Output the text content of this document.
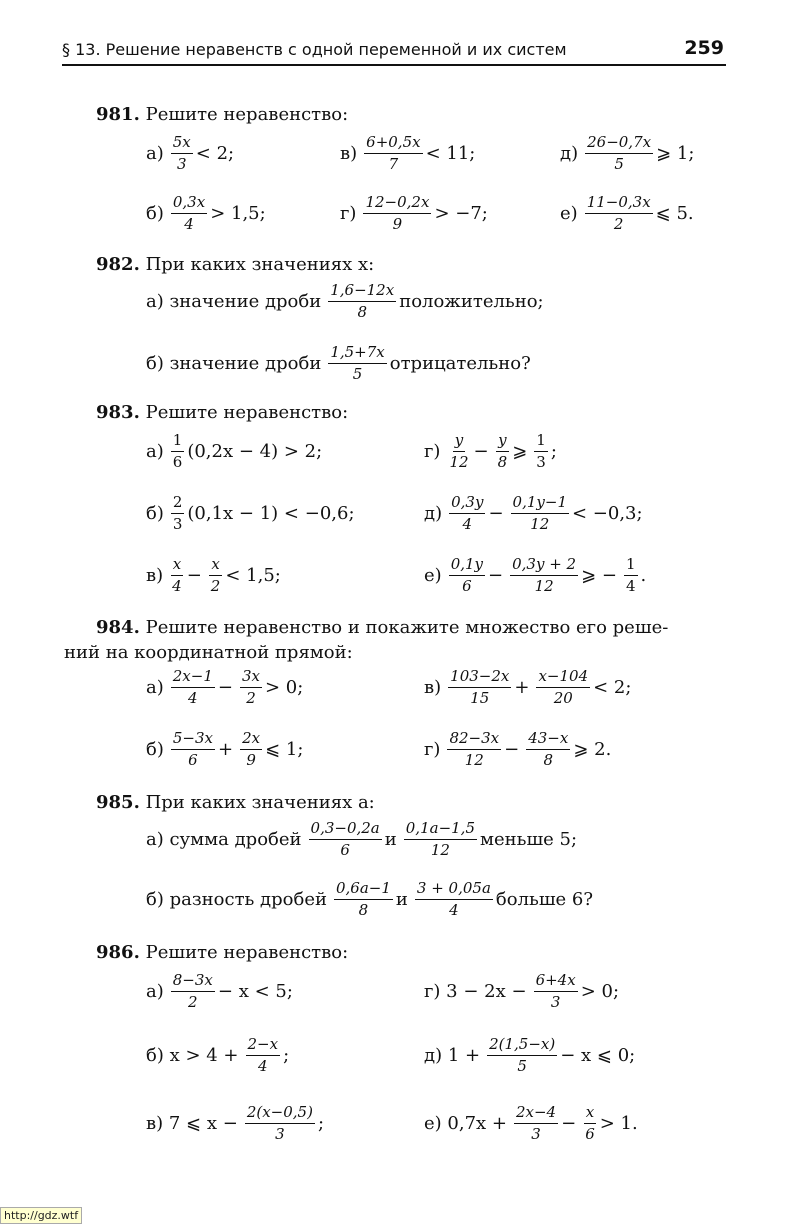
§ 13. Решение неравенств с одной переменной и их систем	259
981. Решите неравенство:
$а) \frac{5x}{3} < 2$;	$в) \frac{6+0,5x}{7} < 11$;	$д) \frac{26-0,7x}{5}$ ⩾ 1;
$б) \frac{0,3x}{4} > 1,5$;	$г) \frac{12-0,2x}{9} > -7$;	$е) \frac{11-0,3x}{2}$ ⩽ 5.
982. При каких значениях x:
а) значение дроби $\frac{1,6-12x}{8}$ положительно;
б) значение дроби $\frac{1,5+7x}{5}$ отрицательно?
983. Решите неравенство:
$а) \frac{1}{6} (0,2x - 4) > 2$;
$б) \frac{2}{3} (0,1x - 1) < -0,6$;
$в) \frac{x}{4} - \frac{x}{2} < 1,5$;
$г) \frac{y}{12} - \frac{y}{8}$ ⩾ $\frac{1}{3}$ ;
$д) \frac{0,3y}{4} - \frac{0,1y-1}{12} < -0,3$;
$е) \frac{0,1y}{6} - \frac{0,3y + 2}{12}$ ⩾ − $\frac{1}{4}$ .
984. Решите неравенство и покажите множество его реше-
ний на координатной прямой:
$а) \frac{2x-1}{4} - \frac{3x}{2} > 0$;
$б) \frac{5-3x}{6} + \frac{2x}{9}$ ⩽ 1;
$в) \frac{103-2x}{15} + \frac{x-104}{20} < 2$;
$г) \frac{82-3x}{12} - \frac{43-x}{8}$ ⩾ 2.
985. При каких значениях a:
а) сумма дробей $\frac{0,3-0,2a}{6}$ и $\frac{0,1a-1,5}{12}$ меньше 5;
б) разность дробей $\frac{0,6a-1}{8}$ и $\frac{3 + 0,05a}{4}$ больше 6?
986. Решите неравенство:
$а) \frac{8-3x}{2} - x < 5$;
б) $x > 4 + \frac{2-x}{4}$ ;
в) 7 ⩽ $x - \frac{2(x-0,5)}{3}$ ;
г) $3 - 2x - \frac{6+4x}{3} > 0$;
д) $1 + \frac{2(1,5-x)}{5} - x$ ⩽ 0;
е) $0,7x + \frac{2x-4}{3} - \frac{x}{6} > 1$.
http://gdz.wtf
